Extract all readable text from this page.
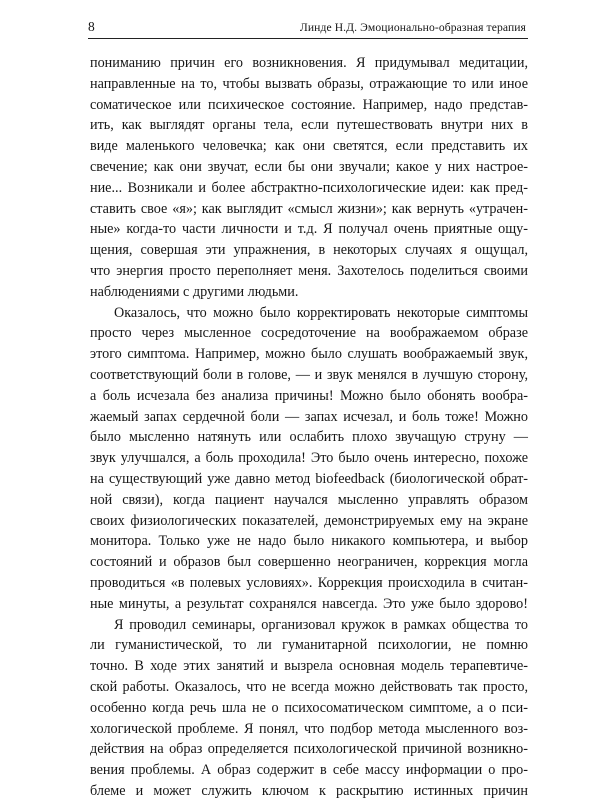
8	Линде Н.Д. Эмоционально-образная терапия
пониманию причин его возникновения. Я придумывал медитации,
направленные на то, чтобы вызвать образы, отражающие то или иное
соматическое или психическое состояние. Например, надо представ-
ить, как выглядят органы тела, если путешествовать внутри них в
виде маленького человечка; как они светятся, если представить их
свечение; как они звучат, если бы они звучали; какое у них настрое-
ние... Возникали и более абстрактно-психологические идеи: как пред-
ставить свое «я»; как выглядит «смысл жизни»; как вернуть «утрачен-
ные» когда-то части личности и т.д. Я получал очень приятные ощу-
щения, совершая эти упражнения, в некоторых случаях я ощущал,
что энергия просто переполняет меня. Захотелось поделиться своими
наблюдениями с другими людьми.
Оказалось, что можно было корректировать некоторые симптомы
просто через мысленное сосредоточение на воображаемом образе
этого симптома. Например, можно было слушать воображаемый звук,
соответствующий боли в голове, — и звук менялся в лучшую сторону,
а боль исчезала без анализа причины! Можно было обонять вообра-
жаемый запах сердечной боли — запах исчезал, и боль тоже! Можно
было мысленно натянуть или ослабить плохо звучащую струну —
звук улучшался, а боль проходила! Это было очень интересно, похоже
на существующий уже давно метод biofeedback (биологической обрат-
ной связи), когда пациент научался мысленно управлять образом
своих физиологических показателей, демонстрируемых ему на экране
монитора. Только уже не надо было никакого компьютера, и выбор
состояний и образов был совершенно неограничен, коррекция могла
проводиться «в полевых условиях». Коррекция происходила в считан-
ные минуты, а результат сохранялся навсегда. Это уже было здорово!
Я проводил семинары, организовал кружок в рамках общества то
ли гуманистической, то ли гуманитарной психологии, не помню
точно. В ходе этих занятий и вызрела основная модель терапевтиче-
ской работы. Оказалось, что не всегда можно действовать так просто,
особенно когда речь шла не о психосоматическом симптоме, а о пси-
хологической проблеме. Я понял, что подбор метода мысленного воз-
действия на образ определяется психологической причиной возникно-
вения проблемы. А образ содержит в себе массу информации о про-
блеме и может служить ключом к раскрытию истинных причин
